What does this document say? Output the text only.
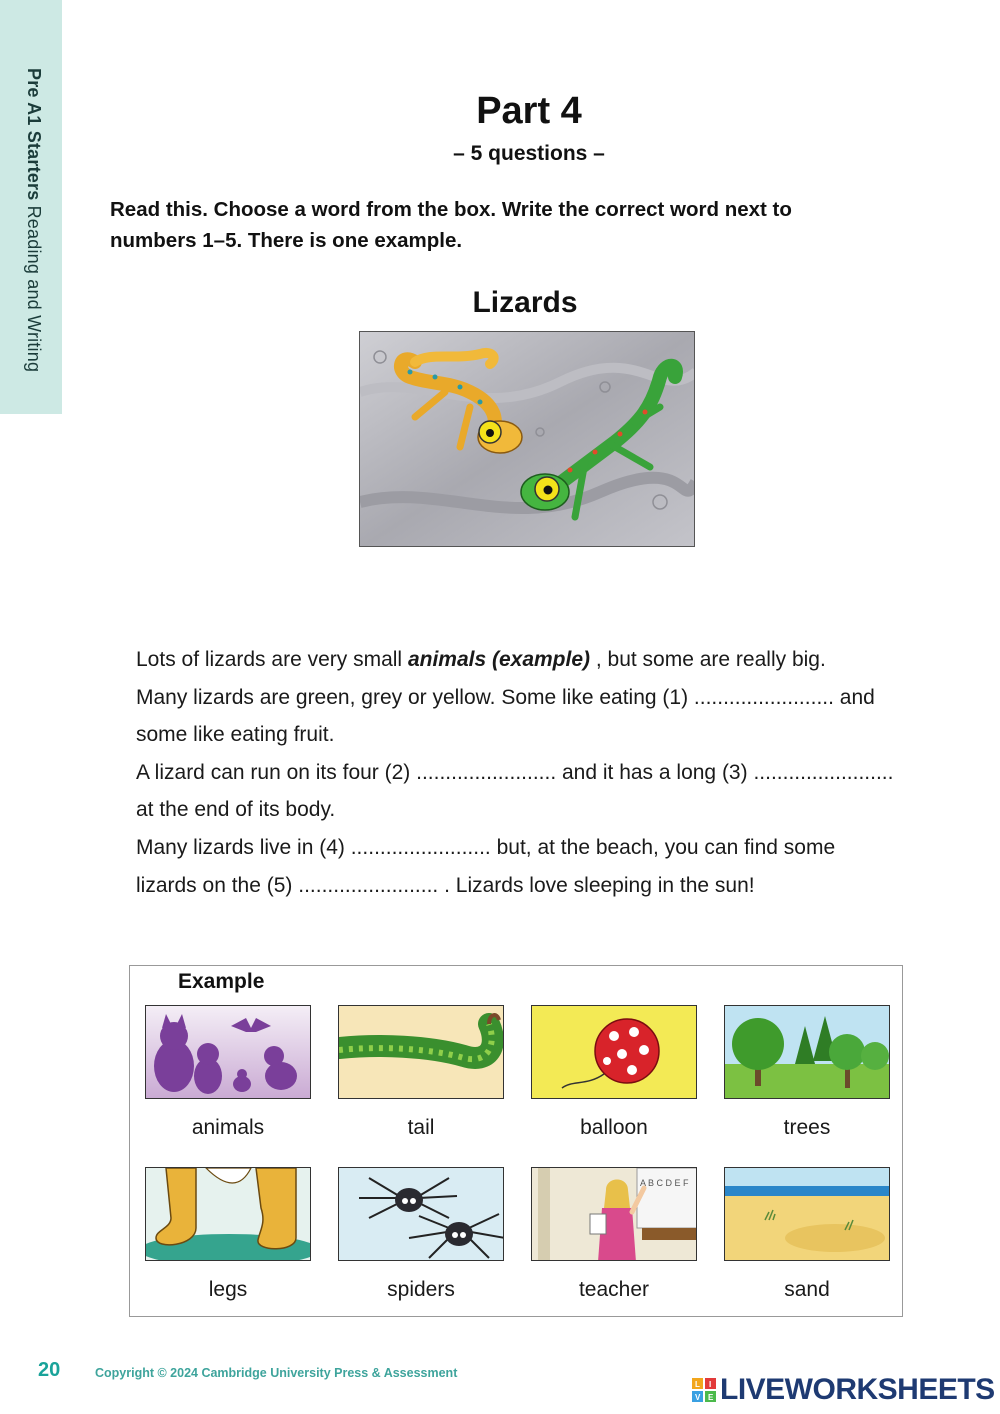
Pre A1 Starters Reading and Writing
Part 4
– 5 questions –
Read this. Choose a word from the box. Write the correct word next to numbers 1–5. There is one example.
Lizards
Lots of lizards are very small animals (example) , but some are really big.
Many lizards are green, grey or yellow. Some like eating (1) ........................ and
some like eating fruit.
A lizard can run on its four (2) ........................ and it has a long (3) ........................
at the end of its body.
Many lizards live in (4) ........................ but, at the beach, you can find some
lizards on the (5) ........................ . Lizards love sleeping in the sun!
Example
animals	tail	balloon	trees
legs	spiders
A B C D E F
teacher	sand
20	Copyright © 2024 Cambridge University Press & Assessment
L I
V E LIVEWORKSHEETS
